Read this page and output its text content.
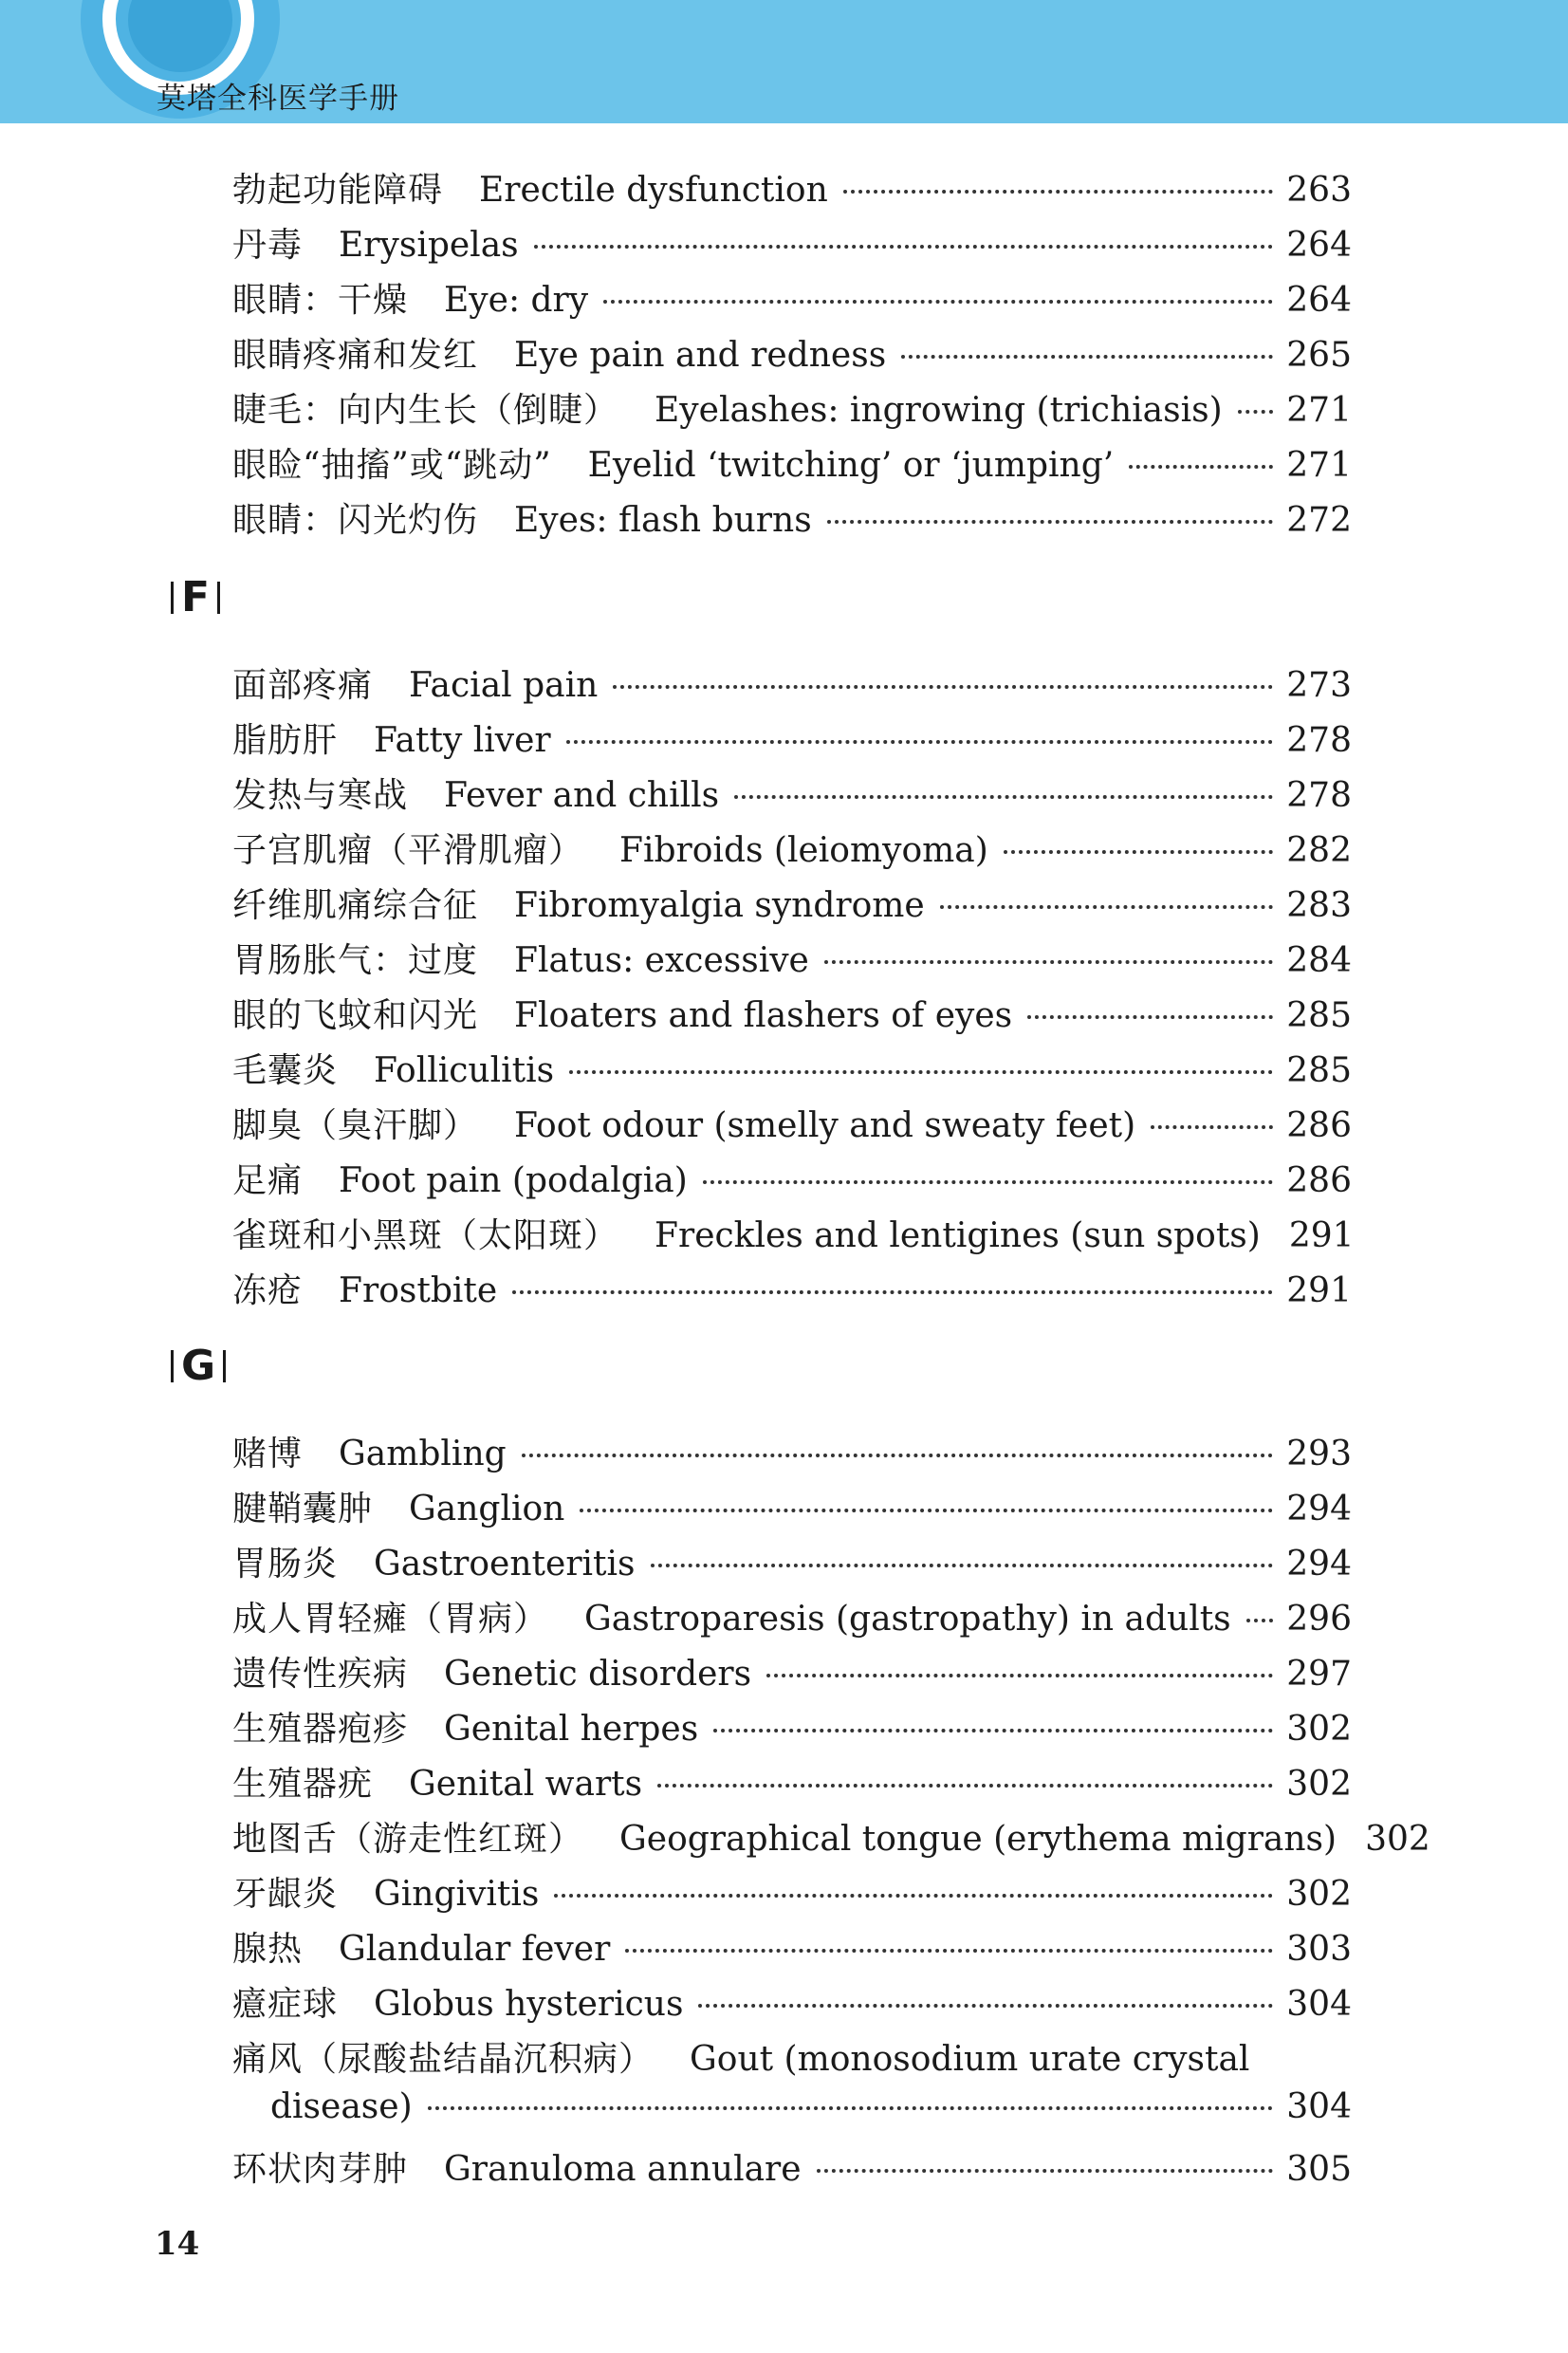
莫塔全科医学手册
勃起功能障碍 Erectile dysfunction	263
丹毒 Erysipelas	264
眼睛：干燥 Eye: dry	264
眼睛疼痛和发红 Eye pain and redness	265
睫毛：向内生长（倒睫） Eyelashes: ingrowing (trichiasis) 271
眼睑“抽搐”或“跳动” Eyelid ‘twitching’ or ‘jumping’	271
眼睛：闪光灼伤 Eyes: flash burns	272
F
面部疼痛 Facial pain	273
脂肪肝 Fatty liver	278
发热与寒战 Fever and chills	278
子宫肌瘤（平滑肌瘤） Fibroids (leiomyoma)	282
纤维肌痛综合征 Fibromyalgia syndrome	283
胃肠胀气：过度 Flatus: excessive	284
眼的飞蚊和闪光 Floaters and flashers of eyes	285
毛囊炎 Folliculitis	285
脚臭（臭汗脚） Foot odour (smelly and sweaty feet)	286
足痛 Foot pain (podalgia)	286
雀斑和小黑斑（太阳斑） Freckles and lentigines (sun spots) 291
冻疮 Frostbite	291
G
赌博 Gambling	293
腱鞘囊肿 Ganglion	294
胃肠炎 Gastroenteritis	294
成人胃轻瘫（胃病） Gastroparesis (gastropathy) in adults 296
遗传性疾病 Genetic disorders	297
生殖器疱疹 Genital herpes	302
生殖器疣 Genital warts	302
地图舌（游走性红斑） Geographical tongue (erythema migrans) 302
牙龈炎 Gingivitis	302
腺热 Glandular fever	303
癔症球 Globus hystericus	304
痛风（尿酸盐结晶沉积病） Gout (monosodium urate crystal
disease)	304
环状肉芽肿 Granuloma annulare	305
14
